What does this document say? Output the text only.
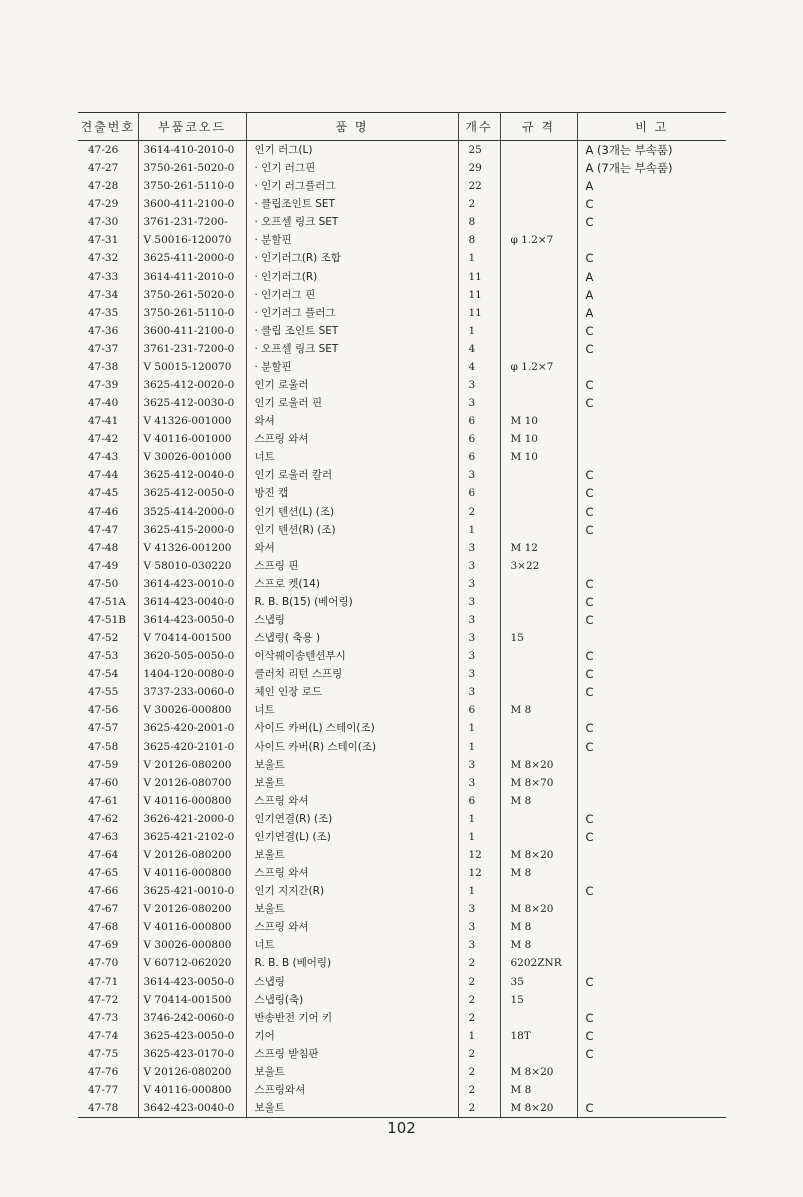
견출번호	부품코오드	품 명	개수	규 격	비 고
47-26	3614-410-2010-0	인기 러그(L)	25		A (3개는 부속품)
47-27	3750-261-5020-0	· 인기 러그핀	29		A (7개는 부속품)
47-28	3750-261-5110-0	· 인기 러그플러그	22		A
47-29	3600-411-2100-0	· 클립조인트 SET	2		C
47-30	3761-231-7200-	· 오프셀 링크 SET	8		C
47-31	V 50016-120070	· 분할핀	8	φ 1.2×7	
47-32	3625-411-2000-0	· 인기러그(R) 조합	1		C
47-33	3614-411-2010-0	· 인기러그(R)	11		A
47-34	3750-261-5020-0	· 인기러그 핀	11		A
47-35	3750-261-5110-0	· 인기러그 플러그	11		A
47-36	3600-411-2100-0	· 클립 조인트 SET	1		C
47-37	3761-231-7200-0	· 오프셀 링크 SET	4		C
47-38	V 50015-120070	· 분할핀	4	φ 1.2×7	
47-39	3625-412-0020-0	인기 로울러	3		C
47-40	3625-412-0030-0	인기 로울러 핀	3		C
47-41	V 41326-001000	와셔	6	M 10	
47-42	V 40116-001000	스프링 와셔	6	M 10	
47-43	V 30026-001000	너트	6	M 10	
47-44	3625-412-0040-0	인기 로울러 칼러	3		C
47-45	3625-412-0050-0	방진 캡	6		C
47-46	3525-414-2000-0	인기 텐션(L) (조)	2		C
47-47	3625-415-2000-0	인기 텐션(R) (조)	1		C
47-48	V 41326-001200	와셔	3	M 12	
47-49	V 58010-030220	스프링 핀	3	3×22	
47-50	3614-423-0010-0	스프로 켓(14)	3		C
47-51A	3614-423-0040-0	R. B. B(15) (베어링)	3		C
47-51B	3614-423-0050-0	스냅링	3		C
47-52	V 70414-001500	스냅링( 축용 )	3	15	
47-53	3620-505-0050-0	이삭꿰이송텐션부시	3		C
47-54	1404-120-0080-0	클러치 리턴 스프링	3		C
47-55	3737-233-0060-0	체인 인장 로드	3		C
47-56	V 30026-000800	너트	6	M 8	
47-57	3625-420-2001-0	사이드 카버(L) 스테이(조)	1		C
47-58	3625-420-2101-0	사이드 카버(R) 스테이(조)	1		C
47-59	V 20126-080200	보울트	3	M 8×20	
47-60	V 20126-080700	보울트	3	M 8×70	
47-61	V 40116-000800	스프링 와셔	6	M 8	
47-62	3626-421-2000-0	인기연결(R) (조)	1		C
47-63	3625-421-2102-0	인기연결(L) (조)	1		C
47-64	V 20126-080200	보울트	12	M 8×20	
47-65	V 40116-000800	스프링 와셔	12	M 8	
47-66	3625-421-0010-0	인기 지지간(R)	1		C
47-67	V 20126-080200	보울트	3	M 8×20	
47-68	V 40116-000800	스프링 와셔	3	M 8	
47-69	V 30026-000800	너트	3	M 8	
47-70	V 60712-062020	R. B. B (베어링)	2	6202ZNR	
47-71	3614-423-0050-0	스냅링	2	35	C
47-72	V 70414-001500	스냅링(축)	2	15	
47-73	3746-242-0060-0	반송반전 기어 키	2		C
47-74	3625-423-0050-0	기어	1	18T	C
47-75	3625-423-0170-0	스프링 받침판	2		C
47-76	V 20126-080200	보울트	2	M 8×20	
47-77	V 40116-000800	스프링와셔	2	M 8	
47-78	3642-423-0040-0	보울트	2	M 8×20	C
102
